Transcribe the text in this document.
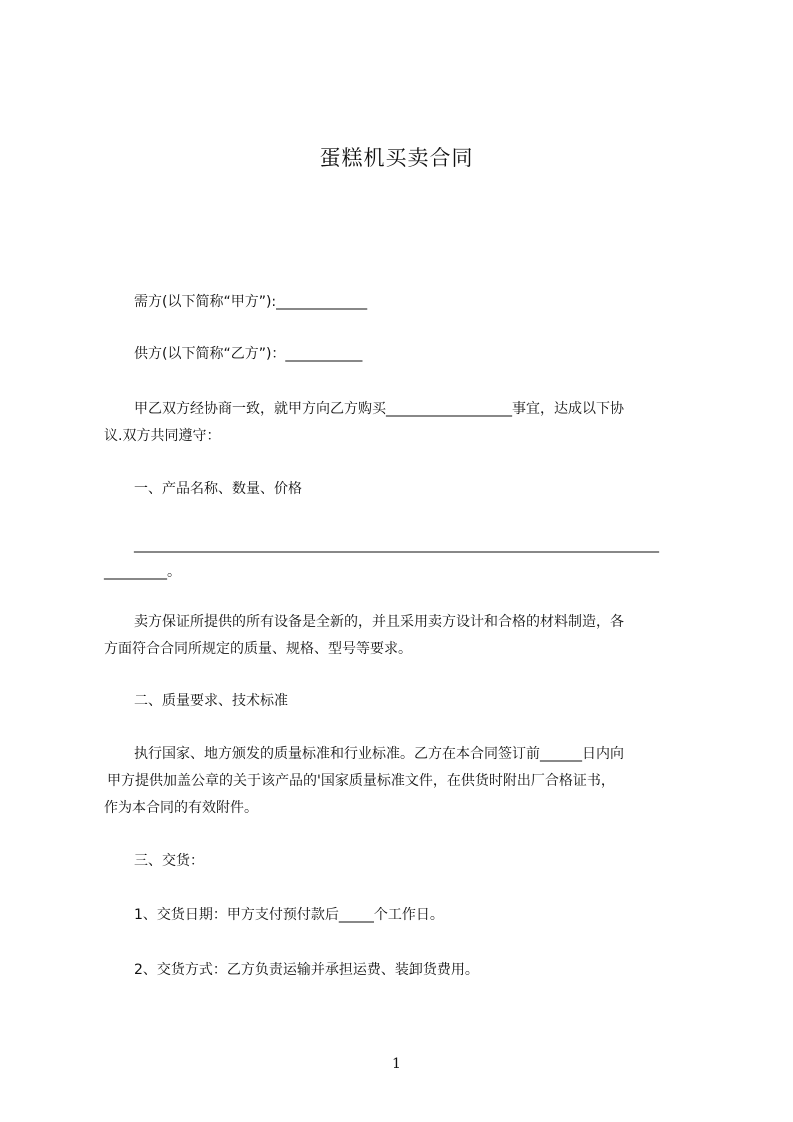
蛋糕机买卖合同
需方(以下简称“甲方”):_____________
供方(以下简称“乙方”)：___________
甲乙双方经协商一致，就甲方向乙方购买__________________事宜，达成以下协
议.双方共同遵守：
一、产品名称、数量、价格
___________________________________________________________________________
_________。
卖方保证所提供的所有设备是全新的，并且采用卖方设计和合格的材料制造，各
方面符合合同所规定的质量、规格、型号等要求。
二、质量要求、技术标准
执行国家、地方颁发的质量标准和行业标准。乙方在本合同签订前______日内向
甲方提供加盖公章的关于该产品的'国家质量标准文件，在供货时附出厂合格证书，
作为本合同的有效附件。
三、交货：
1、交货日期：甲方支付预付款后_____个工作日。
2、交货方式：乙方负责运输并承担运费、装卸货费用。
1
